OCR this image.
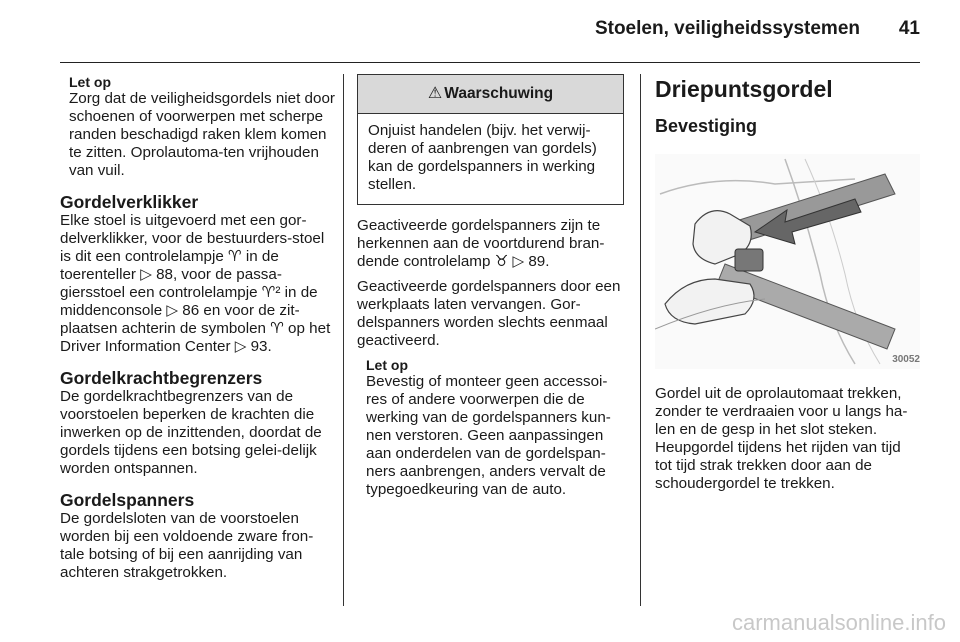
Stoelen, veiligheidssystemen 41
Let op
Zorg dat de veiligheidsgordels niet door schoenen of voorwerpen met scherpe randen beschadigd raken klem komen te zitten. Oprolautoma-ten vrijhouden van vuil.
Gordelverklikker
Elke stoel is uitgevoerd met een gor-delverklikker, voor de bestuurders-stoel is dit een controlelampje ♈ in de toerenteller ▷ 88, voor de passa-giersstoel een controlelampje ♈² in de middenconsole ▷ 86 en voor de zit-plaatsen achterin de symbolen ♈ op het Driver Information Center ▷ 93.
Gordelkrachtbegrenzers
De gordelkrachtbegrenzers van de voorstoelen beperken de krachten die inwerken op de inzittenden, doordat de gordels tijdens een botsing gelei-delijk worden ontspannen.
Gordelspanners
De gordelsloten van de voorstoelen worden bij een voldoende zware fron-tale botsing of bij een aanrijding van achteren strakgetrokken.
⚠ Waarschuwing
Onjuist handelen (bijv. het verwij-deren of aanbrengen van gordels) kan de gordelspanners in werking stellen.
Geactiveerde gordelspanners zijn te herkennen aan de voortdurend bran-dende controlelamp ♉ ▷ 89.
Geactiveerde gordelspanners door een werkplaats laten vervangen. Gor-delspanners worden slechts eenmaal geactiveerd.
Let op
Bevestig of monteer geen accessoi-res of andere voorwerpen die de werking van de gordelspanners kun-nen verstoren. Geen aanpassingen aan onderdelen van de gordelspan-ners aanbrengen, anders vervalt de typegoedkeuring van de auto.
Driepuntsgordel
Bevestiging
30052
Gordel uit de oprolautomaat trekken, zonder te verdraaien voor u langs ha-len en de gesp in het slot steken. Heupgordel tijdens het rijden van tijd tot tijd strak trekken door aan de schoudergordel te trekken.
carmanualsonline.info
